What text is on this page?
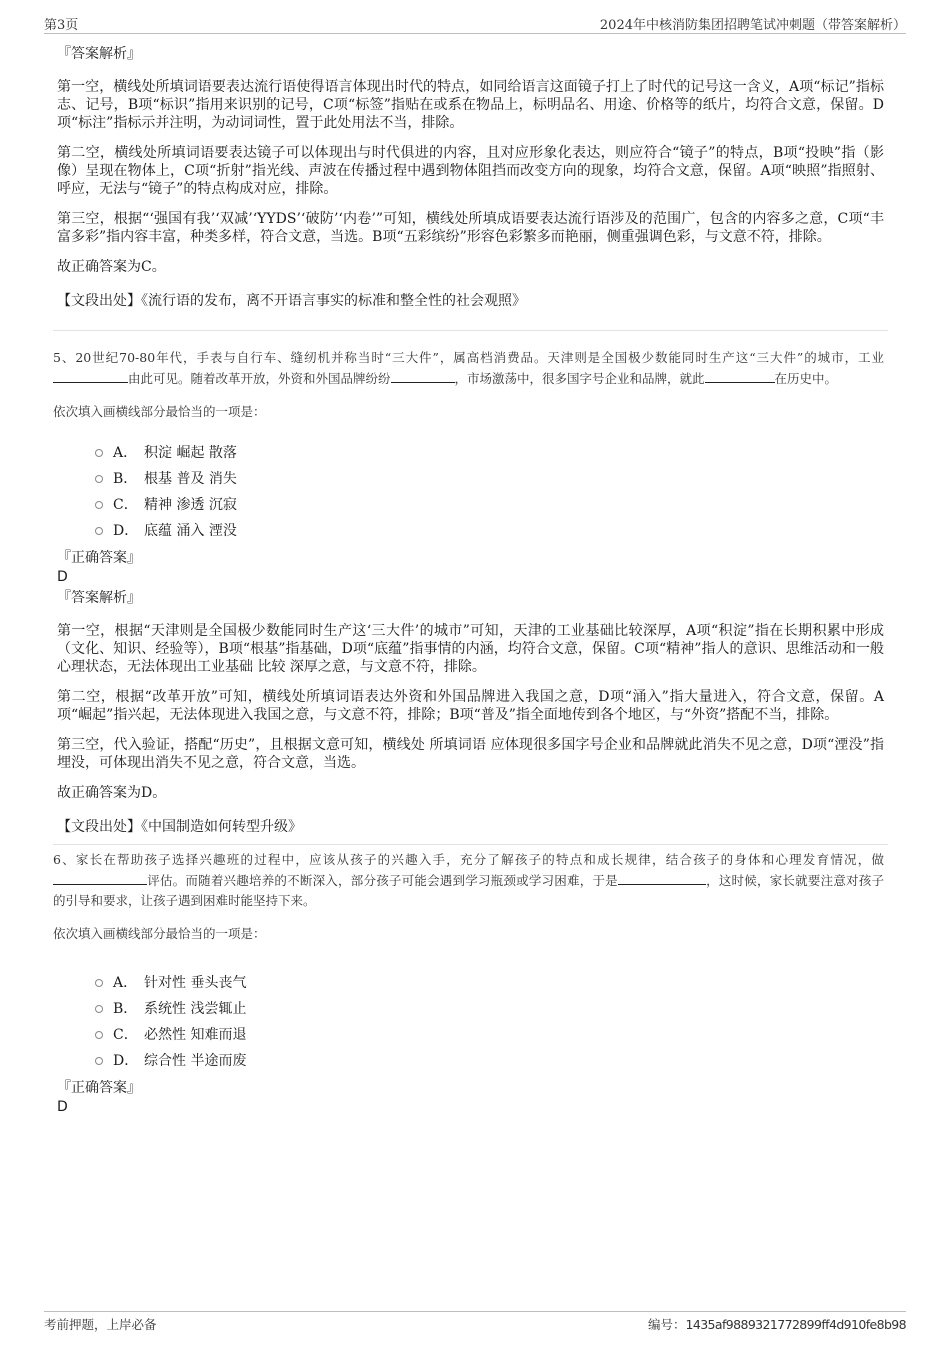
第3页	2024年中核消防集团招聘笔试冲刺题（带答案解析）

『答案解析』

第一空，横线处所填词语要表达流行语使得语言体现出时代的特点，如同给语言这面镜子打上了时代的记号这一含义，A项“标记”指标志、记号，B项“标识”指用来识别的记号，C项“标签”指贴在或系在物品上，标明品名、用途、价格等的纸片，均符合文意，保留。D项“标注”指标示并注明，为动词词性，置于此处用法不当，排除。

第二空，横线处所填词语要表达镜子可以体现出与时代俱进的内容，且对应形象化表达，则应符合“镜子”的特点，B项“投映”指（影像）呈现在物体上，C项“折射”指光线、声波在传播过程中遇到物体阻挡而改变方向的现象，均符合文意，保留。A项“映照”指照射、呼应，无法与“镜子”的特点构成对应，排除。

第三空，根据“‘强国有我’‘双减’‘YYDS’‘破防’‘内卷’”可知，横线处所填成语要表达流行语涉及的范围广，包含的内容多之意，C项“丰富多彩”指内容丰富，种类多样，符合文意，当选。B项“五彩缤纷”形容色彩繁多而艳丽，侧重强调色彩，与文意不符，排除。

故正确答案为C。
【文段出处】《流行语的发布，离不开语言事实的标准和整全性的社会观照》

5、20世纪70-80年代，手表与自行车、缝纫机并称当时“三大件”，属高档消费品。天津则是全国极少数能同时生产这“三大件”的城市，工业由此可见。随着改革开放，外资和外国品牌纷纷	，市场激荡中，很多国字号企业和品牌，就此	在历史中。

依次填入画横线部分最恰当的一项是：
A． 积淀 崛起 散落
B． 根基 普及 消失
C． 精神 渗透 沉寂
D． 底蕴 涌入 湮没

『正确答案』

D

『答案解析』

第一空，根据“天津则是全国极少数能同时生产这‘三大件’的城市”可知，天津的工业基础比较深厚，A项“积淀”指在长期积累中形成（文化、知识、经验等），B项“根基”指基础，D项“底蕴”指事情的内涵，均符合文意，保留。C项“精神”指人的意识、思维活动和一般心理状态，无法体现出工业基础 比较 深厚之意，与文意不符，排除。

第二空，根据“改革开放”可知，横线处所填词语表达外资和外国品牌进入我国之意，D项“涌入”指大量进入，符合文意，保留。A项“崛起”指兴起，无法体现进入我国之意，与文意不符，排除；B项“普及”指全面地传到各个地区，与“外资”搭配不当，排除。

第三空，代入验证，搭配“历史”，且根据文意可知，横线处 所填词语 应体现很多国字号企业和品牌就此消失不见之意，D项“湮没”指埋没，可体现出消失不见之意，符合文意，当选。

故正确答案为D。
【文段出处】《中国制造如何转型升级》

6、家长在帮助孩子选择兴趣班的过程中，应该从孩子的兴趣入手，充分了解孩子的特点和成长规律，结合孩子的身体和心理发育情况，做评估。而随着兴趣培养的不断深入，部分孩子可能会遇到学习瓶颈或学习困难，于是	，这时候，家长就要注意对孩子的引导和要求，让孩子遇到困难时能坚持下来。

依次填入画横线部分最恰当的一项是：
A． 针对性 垂头丧气
B． 系统性 浅尝辄止
C． 必然性 知难而退
D． 综合性 半途而废

『正确答案』

D
考前押题，上岸必备	编号：1435af9889321772899ff4d910fe8b98
